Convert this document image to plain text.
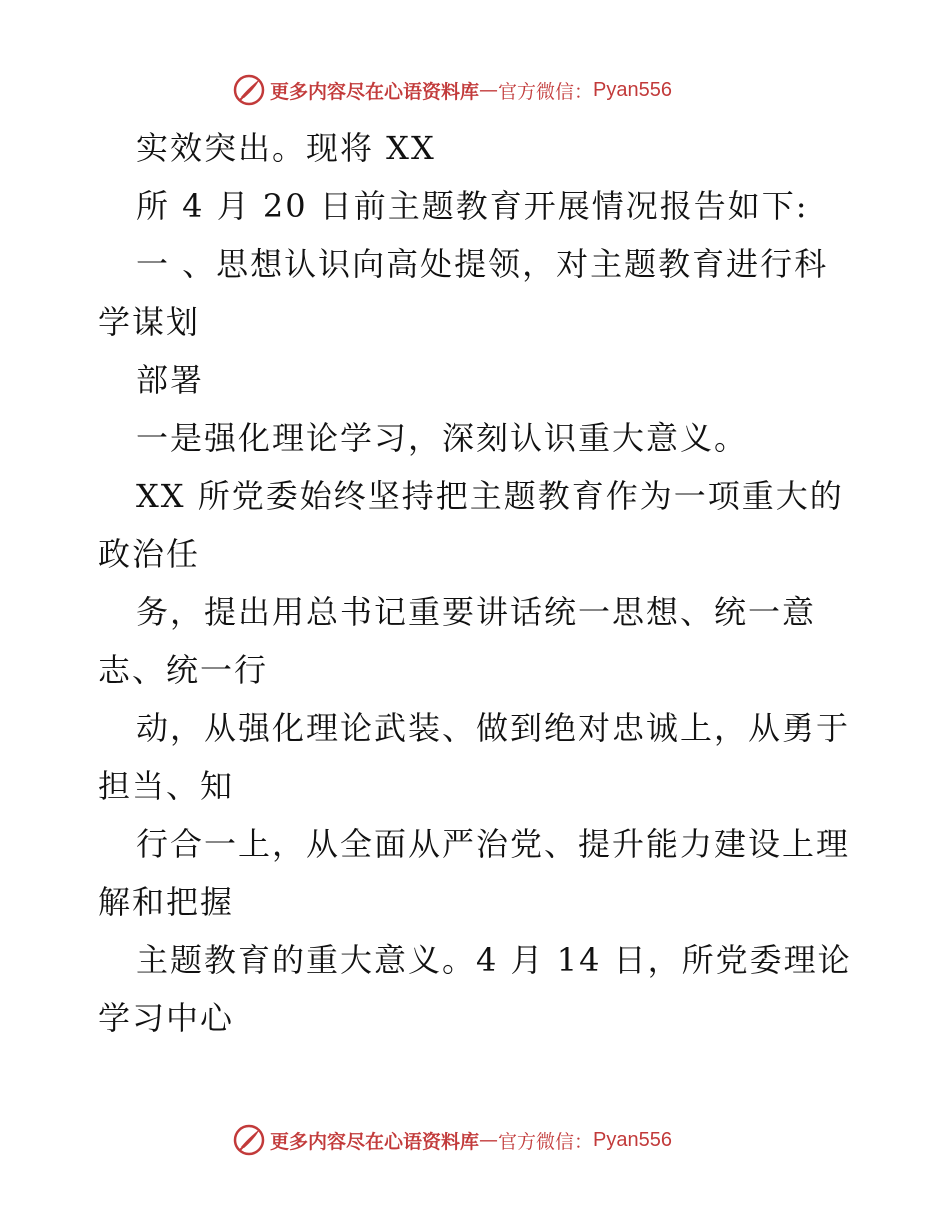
更多内容尽在心语资料库 — 官方微信： Pyan556
实效突出。现将 XX
所 4 月 20 日前主题教育开展情况报告如下:
一 、思想认识向高处提领，对主题教育进行科
学谋划
部署
一是强化理论学习，深刻认识重大意义。
XX 所党委始终坚持把主题教育作为一项重大的
政治任
务，提出用总书记重要讲话统一思想、统一意
志、统一行
动，从强化理论武装、做到绝对忠诚上，从勇于
担当、知
行合一上，从全面从严治党、提升能力建设上理
解和把握
主题教育的重大意义。4 月 14 日，所党委理论
学习中心
更多内容尽在心语资料库 — 官方微信： Pyan556
